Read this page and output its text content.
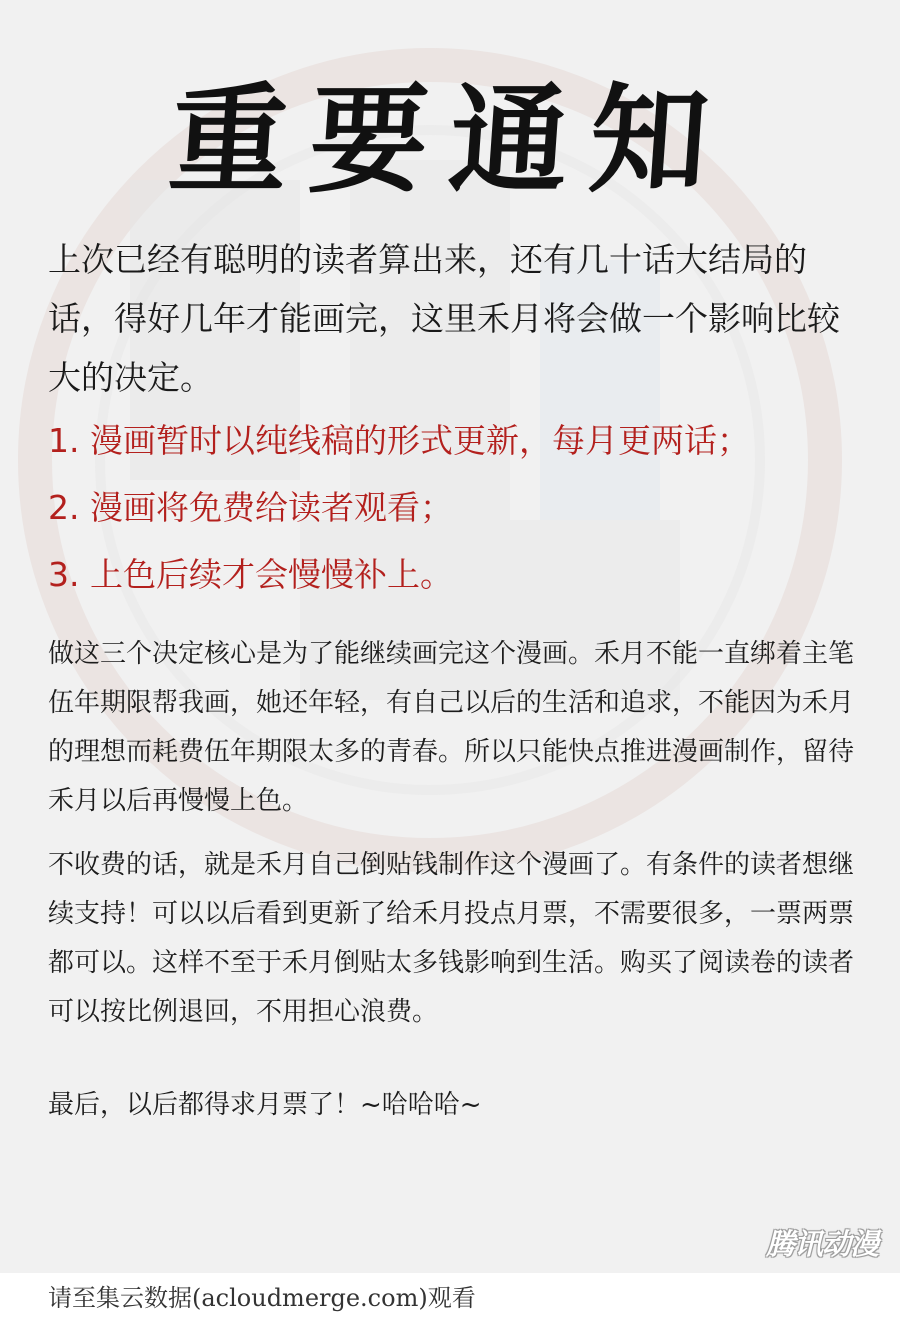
重要通知

上次已经有聪明的读者算出来，还有几十话大结局的话，得好几年才能画完，这里禾月将会做一个影响比较大的决定。

1. 漫画暂时以纯线稿的形式更新，每月更两话；
2. 漫画将免费给读者观看；
3. 上色后续才会慢慢补上。

做这三个决定核心是为了能继续画完这个漫画。禾月不能一直绑着主笔伍年期限帮我画，她还年轻，有自己以后的生活和追求，不能因为禾月的理想而耗费伍年期限太多的青春。所以只能快点推进漫画制作，留待禾月以后再慢慢上色。

不收费的话，就是禾月自己倒贴钱制作这个漫画了。有条件的读者想继续支持！可以以后看到更新了给禾月投点月票，不需要很多，一票两票都可以。这样不至于禾月倒贴太多钱影响到生活。购买了阅读卷的读者可以按比例退回，不用担心浪费。

最后，以后都得求月票了！~哈哈哈~

腾讯动漫
请至集云数据(acloudmerge.com)观看
